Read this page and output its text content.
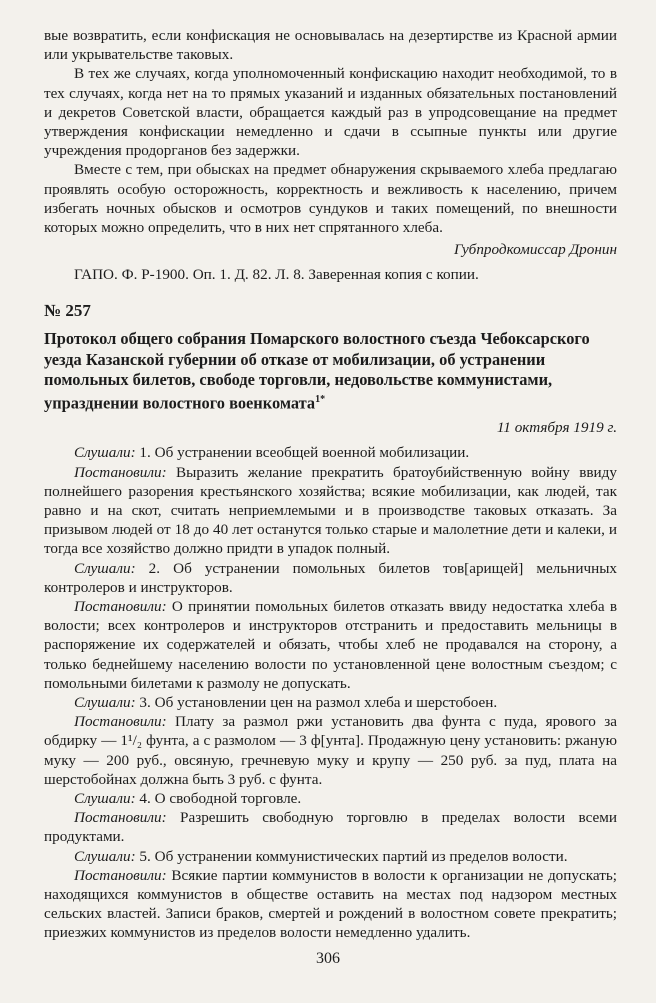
вые возвратить, если конфискация не основывалась на дезертирстве из Красной армии или укрывательстве таковых.

В тех же случаях, когда уполномоченный конфискацию находит необходимой, то в тех случаях, когда нет на то прямых указаний и изданных обязательных постановлений и декретов Советской власти, обращается каждый раз в упродсовещание на предмет утверждения конфискации немедленно и сдачи в ссыпные пункты или другие учреждения продорганов без задержки.

Вместе с тем, при обысках на предмет обнаружения скрываемого хлеба предлагаю проявлять особую осторожность, корректность и вежливость к населению, причем избегать ночных обысков и осмотров сундуков и таких помещений, по внешности которых можно определить, что в них нет спрятанного хлеба.

Губпродкомиссар Дронин
ГАПО. Ф. Р-1900. Оп. 1. Д. 82. Л. 8. Заверенная копия с копии.
№ 257
Протокол общего собрания Помарского волостного съезда Чебоксарского уезда Казанской губернии об отказе от мобилизации, об устранении помольных билетов, свободе торговли, недовольстве коммунистами, упразднении волостного военкомата$^{1*}$
11 октября 1919 г.

Слушали: 1. Об устранении всеобщей военной мобилизации.

Постановили: Выразить желание прекратить братоубийственную войну ввиду полнейшего разорения крестьянского хозяйства; всякие мобилизации, как людей, так равно и на скот, считать неприемлемыми и в производстве таковых отказать. За призывом людей от 18 до 40 лет останутся только старые и малолетние дети и калеки, и тогда все хозяйство должно придти в упадок полный.

Слушали: 2. Об устранении помольных билетов тов[арищей] мельничных контролеров и инструкторов.

Постановили: О принятии помольных билетов отказать ввиду недостатка хлеба в волости; всех контролеров и инструкторов отстранить и предоставить мельницы в распоряжение их содержателей и обязать, чтобы хлеб не продавался на сторону, а только беднейшему населению волости по установленной цене волостным съездом; с помольными билетами к размолу не допускать.

Слушали: 3. Об установлении цен на размол хлеба и шерстобоен.

Постановили: Плату за размол ржи установить два фунта с пуда, ярового за обдирку — 1¹/₂ фунта, а с размолом — 3 ф[унта]. Продажную цену установить: ржаную муку — 200 руб., овсяную, гречневую муку и крупу — 250 руб. за пуд, плата на шерстобойнах должна быть 3 руб. с фунта.

Слушали: 4. О свободной торговле.

Постановили: Разрешить свободную торговлю в пределах волости всеми продуктами.

Слушали: 5. Об устранении коммунистических партий из пределов волости.

Постановили: Всякие партии коммунистов в волости к организации не допускать; находящихся коммунистов в обществе оставить на местах под надзором местных сельских властей. Записи браков, смертей и рождений в волостном совете прекратить; приезжих коммунистов из пределов волости немедленно удалить.

306
